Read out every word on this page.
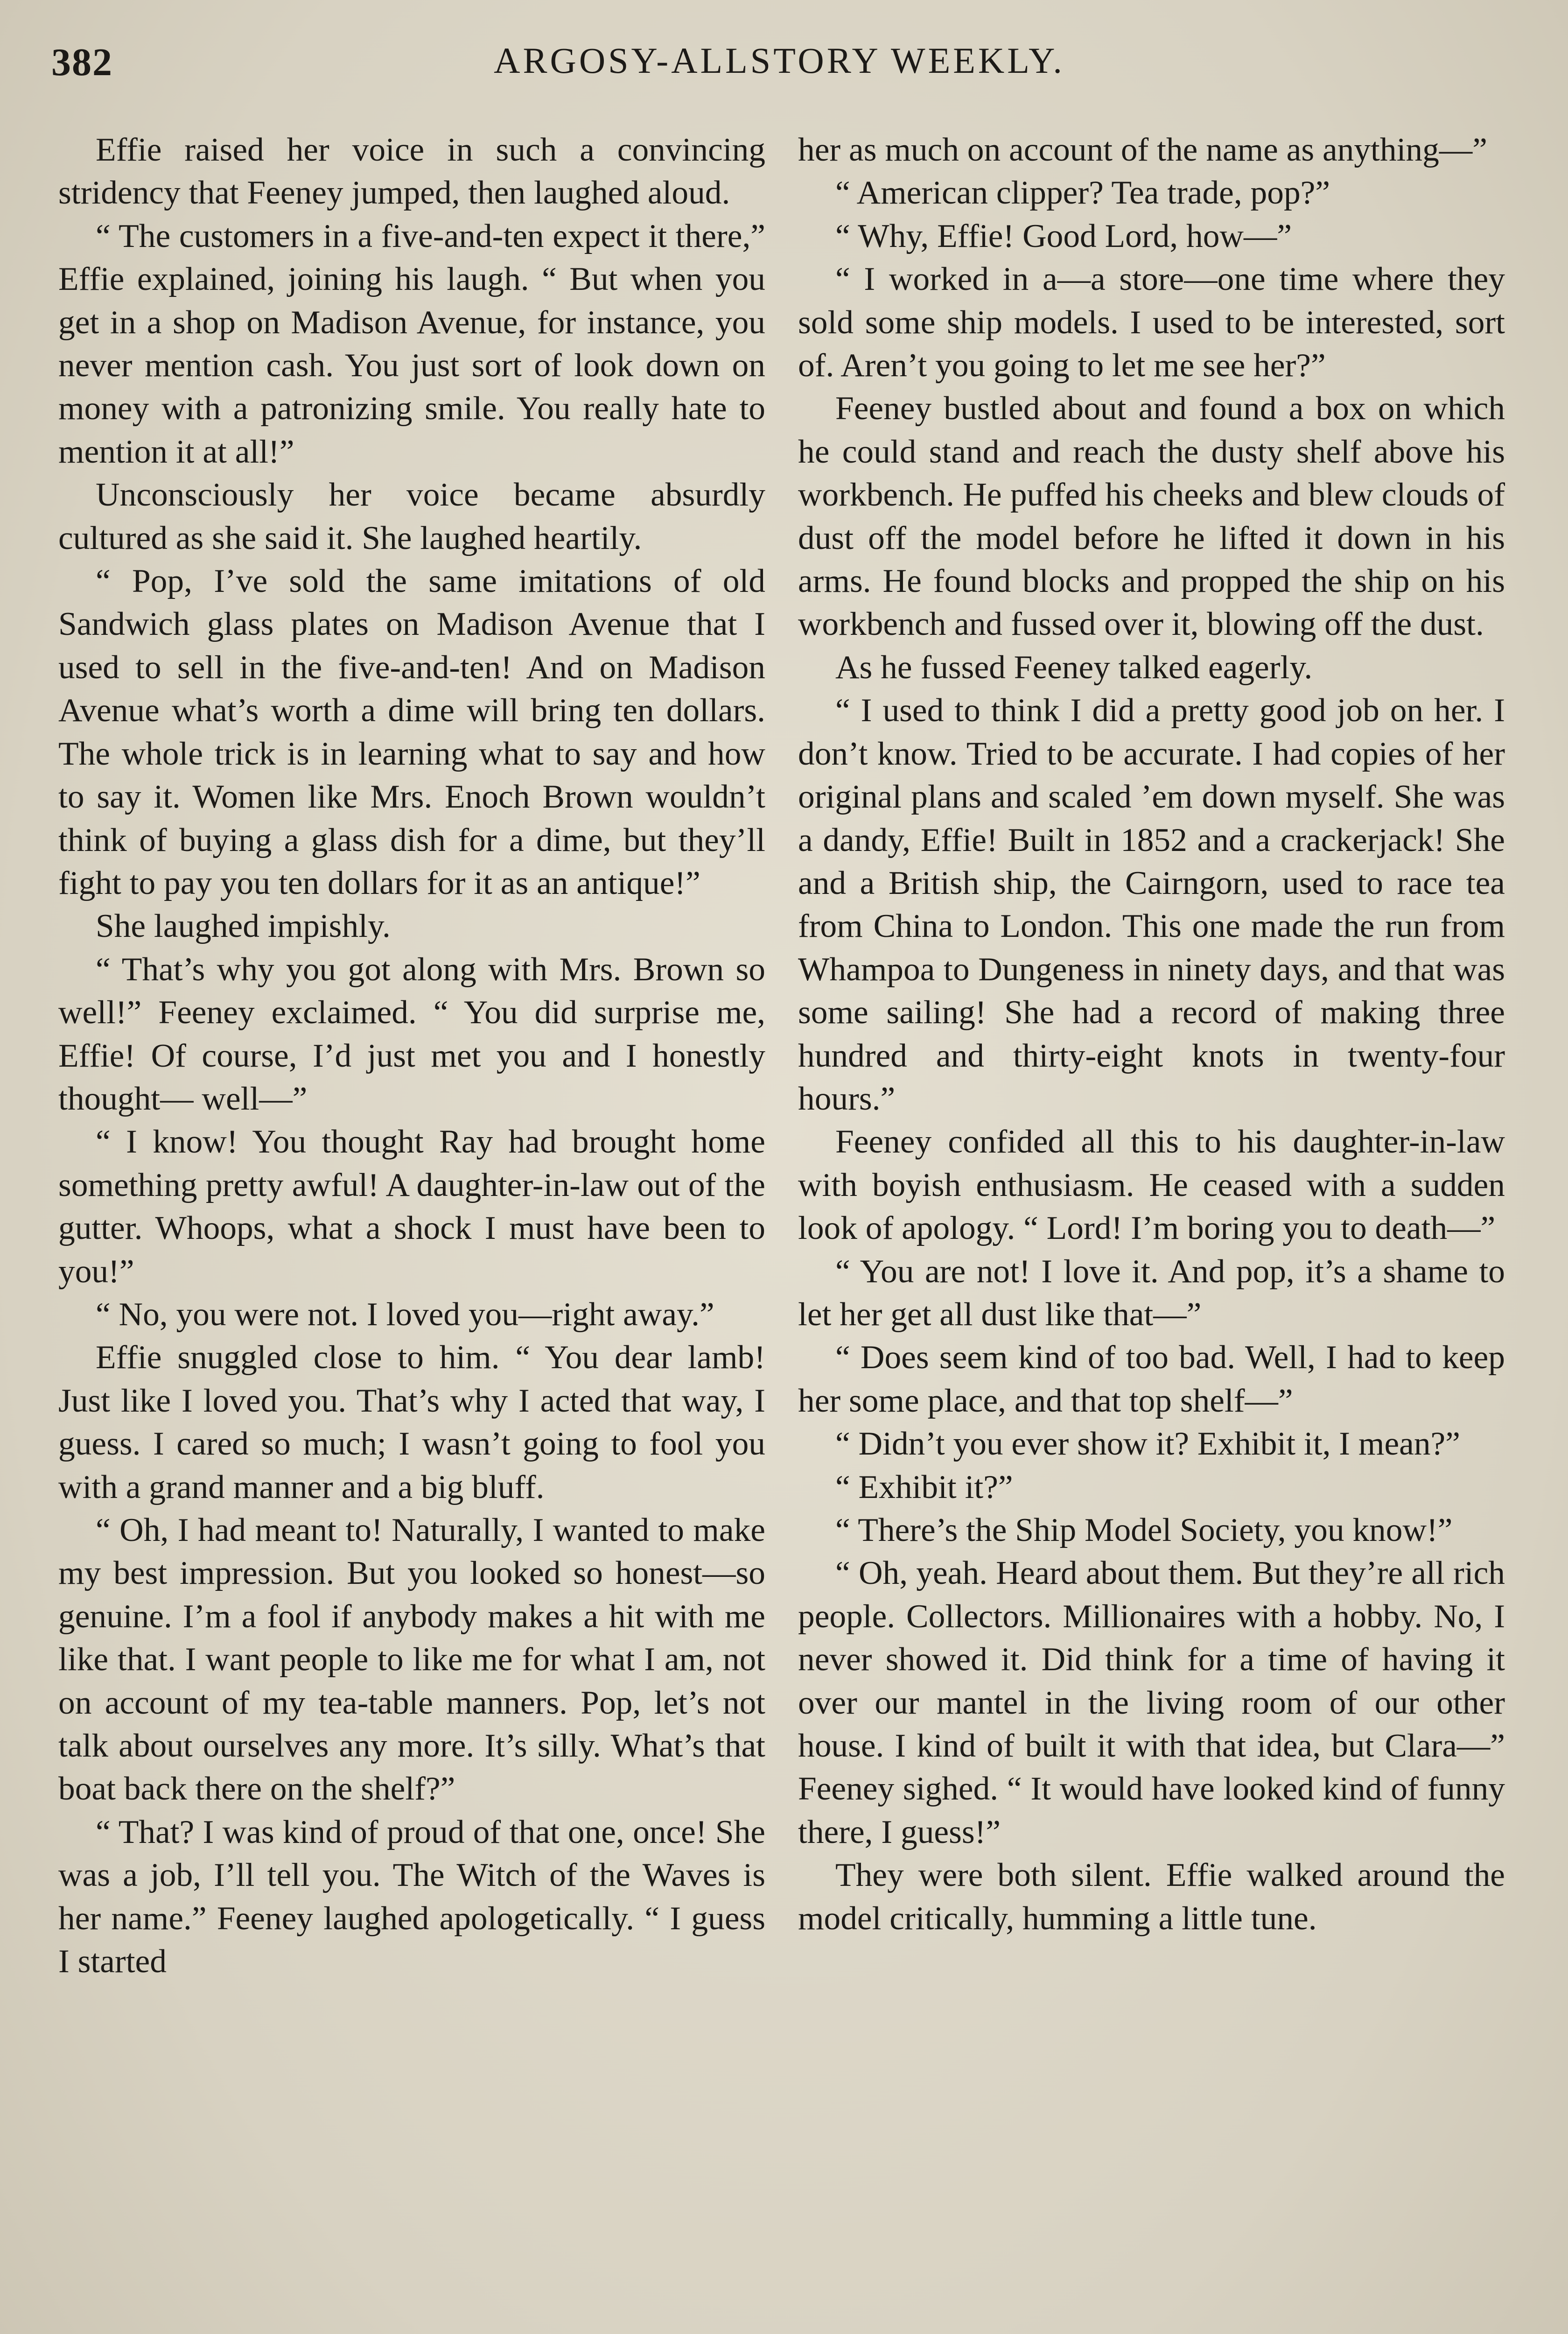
382	ARGOSY-ALLSTORY WEEKLY.

Effie raised her voice in such a convincing stridency that Feeney jumped, then laughed aloud.

“ The customers in a five-and-ten expect it there,” Effie explained, joining his laugh. “ But when you get in a shop on Madison Avenue, for instance, you never mention cash. You just sort of look down on money with a patronizing smile. You really hate to mention it at all!”

Unconsciously her voice became absurdly cultured as she said it. She laughed heartily.

“ Pop, I’ve sold the same imitations of old Sandwich glass plates on Madison Avenue that I used to sell in the five-and-ten! And on Madison Avenue what’s worth a dime will bring ten dollars. The whole trick is in learning what to say and how to say it. Women like Mrs. Enoch Brown wouldn’t think of buying a glass dish for a dime, but they’ll fight to pay you ten dollars for it as an antique!”

She laughed impishly.

“ That’s why you got along with Mrs. Brown so well!” Feeney exclaimed. “ You did surprise me, Effie! Of course, I’d just met you and I honestly thought— well—”

“ I know! You thought Ray had brought home something pretty awful! A daughter-in-law out of the gutter. Whoops, what a shock I must have been to you!”

“ No, you were not. I loved you—right away.”

Effie snuggled close to him. “ You dear lamb! Just like I loved you. That’s why I acted that way, I guess. I cared so much; I wasn’t going to fool you with a grand manner and a big bluff.

“ Oh, I had meant to! Naturally, I wanted to make my best impression. But you looked so honest—so genuine. I’m a fool if anybody makes a hit with me like that. I want people to like me for what I am, not on account of my tea-table manners. Pop, let’s not talk about ourselves any more. It’s silly. What’s that boat back there on the shelf?”

“ That? I was kind of proud of that one, once! She was a job, I’ll tell you. The Witch of the Waves is her name.” Feeney laughed apologetically. “ I guess I started

her as much on account of the name as anything—”

“ American clipper? Tea trade, pop?”

“ Why, Effie! Good Lord, how—”

“ I worked in a—a store—one time where they sold some ship models. I used to be interested, sort of. Aren’t you going to let me see her?”

Feeney bustled about and found a box on which he could stand and reach the dusty shelf above his workbench. He puffed his cheeks and blew clouds of dust off the model before he lifted it down in his arms. He found blocks and propped the ship on his workbench and fussed over it, blowing off the dust.

As he fussed Feeney talked eagerly.

“ I used to think I did a pretty good job on her. I don’t know. Tried to be accurate. I had copies of her original plans and scaled ’em down myself. She was a dandy, Effie! Built in 1852 and a crackerjack! She and a British ship, the Cairngorn, used to race tea from China to London. This one made the run from Whampoa to Dungeness in ninety days, and that was some sailing! She had a record of making three hundred and thirty-eight knots in twenty-four hours.”

Feeney confided all this to his daughter-in-law with boyish enthusiasm. He ceased with a sudden look of apology. “ Lord! I’m boring you to death—”

“ You are not! I love it. And pop, it’s a shame to let her get all dust like that—”

“ Does seem kind of too bad. Well, I had to keep her some place, and that top shelf—”

“ Didn’t you ever show it? Exhibit it, I mean?”

“ Exhibit it?”

“ There’s the Ship Model Society, you know!”

“ Oh, yeah. Heard about them. But they’re all rich people. Collectors. Millionaires with a hobby. No, I never showed it. Did think for a time of having it over our mantel in the living room of our other house. I kind of built it with that idea, but Clara—” Feeney sighed. “ It would have looked kind of funny there, I guess!”

They were both silent. Effie walked around the model critically, humming a little tune.
